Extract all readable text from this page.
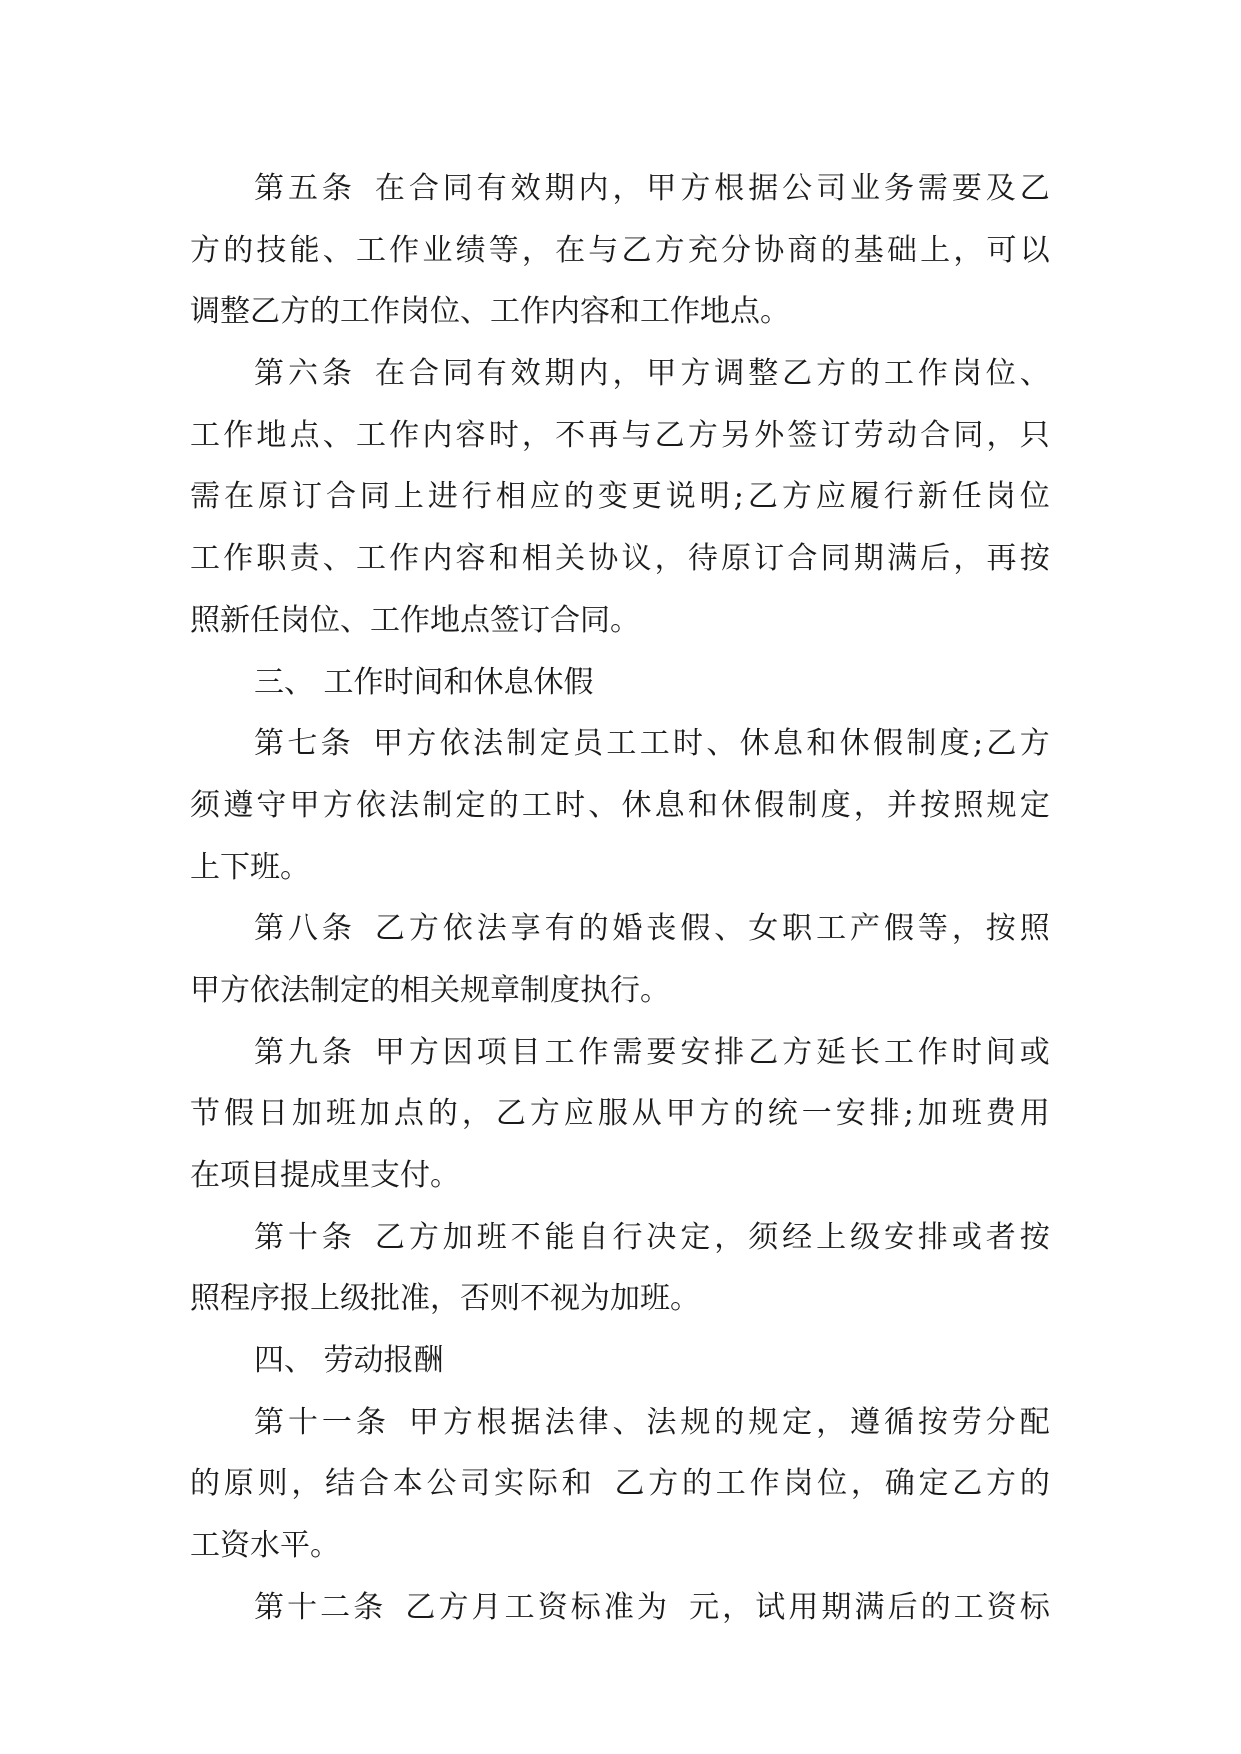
第 五 条 在 合 同 有 效 期 内 ， 甲 方 根 据 公 司 业 务 需 要 及 乙
方 的 技 能 、 工 作 业 绩 等 ， 在 与 乙 方 充 分 协 商 的 基 础 上 ， 可 以
调整乙方的工作岗位、工作内容和工作地点。
第 六 条 在 合 同 有 效 期 内 ， 甲 方 调 整 乙 方 的 工 作 岗 位 、
工 作 地 点 、 工 作 内 容 时 ， 不 再 与 乙 方 另 外 签 订 劳 动 合 同 ， 只
需 在 原 订 合 同 上 进 行 相 应 的 变 更 说 明 ; 乙 方 应 履 行 新 任 岗 位
工 作 职 责 、 工 作 内 容 和 相 关 协 议 ， 待 原 订 合 同 期 满 后 ， 再 按
照新任岗位、工作地点签订合同。
三、 工作时间和休息休假
第 七 条 甲 方 依 法 制 定 员 工 工 时 、 休 息 和 休 假 制 度 ; 乙 方
须 遵 守 甲 方 依 法 制 定 的 工 时 、 休 息 和 休 假 制 度 ， 并 按 照 规 定
上下班。
第 八 条 乙 方 依 法 享 有 的 婚 丧 假 、 女 职 工 产 假 等 ， 按 照
甲方依法制定的相关规章制度执行。
第 九 条 甲 方 因 项 目 工 作 需 要 安 排 乙 方 延 长 工 作 时 间 或
节 假 日 加 班 加 点 的 ， 乙 方 应 服 从 甲 方 的 统 一 安 排 ; 加 班 费 用
在项目提成里支付。
第 十 条 乙 方 加 班 不 能 自 行 决 定 ， 须 经 上 级 安 排 或 者 按
照程序报上级批准，否则不视为加班。
四、 劳动报酬
第 十 一 条 甲 方 根 据 法 律 、 法 规 的 规 定 ， 遵 循 按 劳 分 配
的 原 则 ， 结 合 本 公 司 实 际 和 乙 方 的 工 作 岗 位 ， 确 定 乙 方 的
工资水平。
第 十 二 条 乙 方 月 工 资 标 准 为 元 ， 试 用 期 满 后 的 工 资 标
